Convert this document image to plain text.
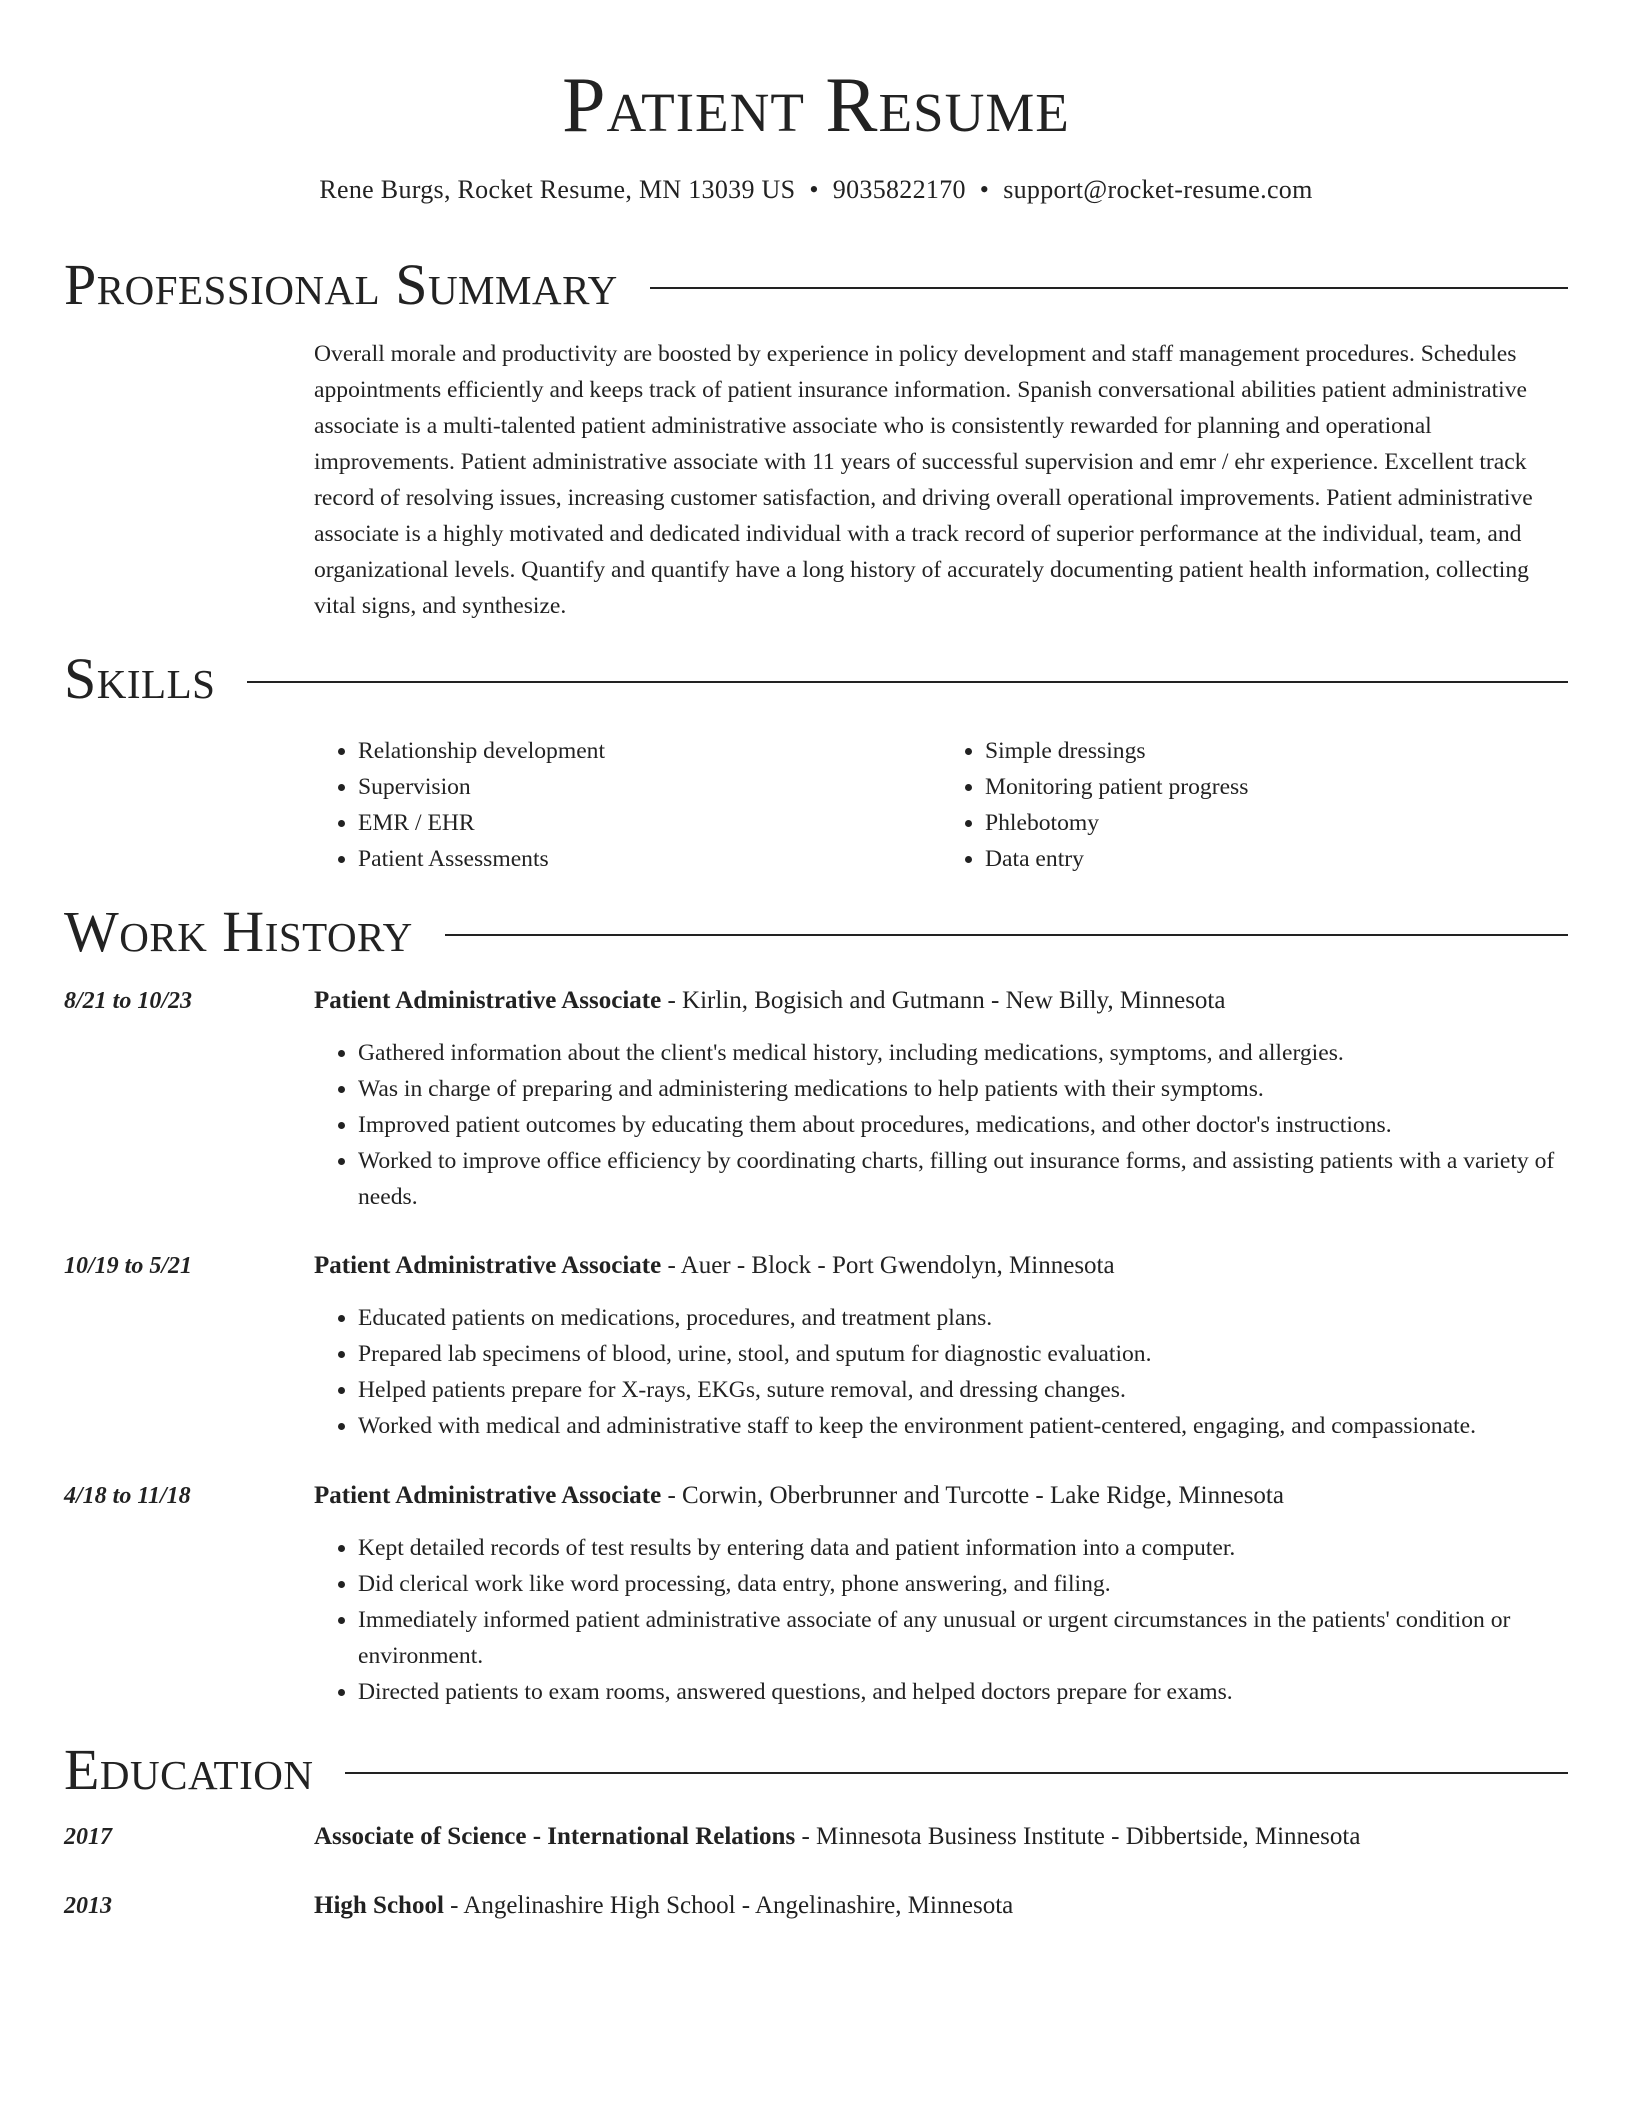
Patient Resume
Rene Burgs, Rocket Resume, MN 13039 US • 9035822170 • support@rocket-resume.com
Professional Summary

Overall morale and productivity are boosted by experience in policy development and staff management procedures. Schedules appointments efficiently and keeps track of patient insurance information. Spanish conversational abilities patient administrative associate is a multi-talented patient administrative associate who is consistently rewarded for planning and operational improvements. Patient administrative associate with 11 years of successful supervision and emr / ehr experience. Excellent track record of resolving issues, increasing customer satisfaction, and driving overall operational improvements. Patient administrative associate is a highly motivated and dedicated individual with a track record of superior performance at the individual, team, and organizational levels. Quantify and quantify have a long history of accurately documenting patient health information, collecting vital signs, and synthesize.

Skills
• Relationship development
• Supervision
• EMR / EHR
• Patient Assessments
• Simple dressings
• Monitoring patient progress
• Phlebotomy
• Data entry
Work History
8/21 to 10/23	Patient Administrative Associate - Kirlin, Bogisich and Gutmann - New Billy, Minnesota
• Gathered information about the client's medical history, including medications, symptoms, and allergies.
• Was in charge of preparing and administering medications to help patients with their symptoms.
• Improved patient outcomes by educating them about procedures, medications, and other doctor's instructions.
• Worked to improve office efficiency by coordinating charts, filling out insurance forms, and assisting patients with a variety of needs.
10/19 to 5/21	Patient Administrative Associate - Auer - Block - Port Gwendolyn, Minnesota
• Educated patients on medications, procedures, and treatment plans.
• Prepared lab specimens of blood, urine, stool, and sputum for diagnostic evaluation.
• Helped patients prepare for X-rays, EKGs, suture removal, and dressing changes.
• Worked with medical and administrative staff to keep the environment patient-centered, engaging, and compassionate.
4/18 to 11/18	Patient Administrative Associate - Corwin, Oberbrunner and Turcotte - Lake Ridge, Minnesota
• Kept detailed records of test results by entering data and patient information into a computer.
• Did clerical work like word processing, data entry, phone answering, and filing.
• Immediately informed patient administrative associate of any unusual or urgent circumstances in the patients' condition or environment.
• Directed patients to exam rooms, answered questions, and helped doctors prepare for exams.
Education
2017	Associate of Science - International Relations - Minnesota Business Institute - Dibbertside, Minnesota
2013	High School - Angelinashire High School - Angelinashire, Minnesota
